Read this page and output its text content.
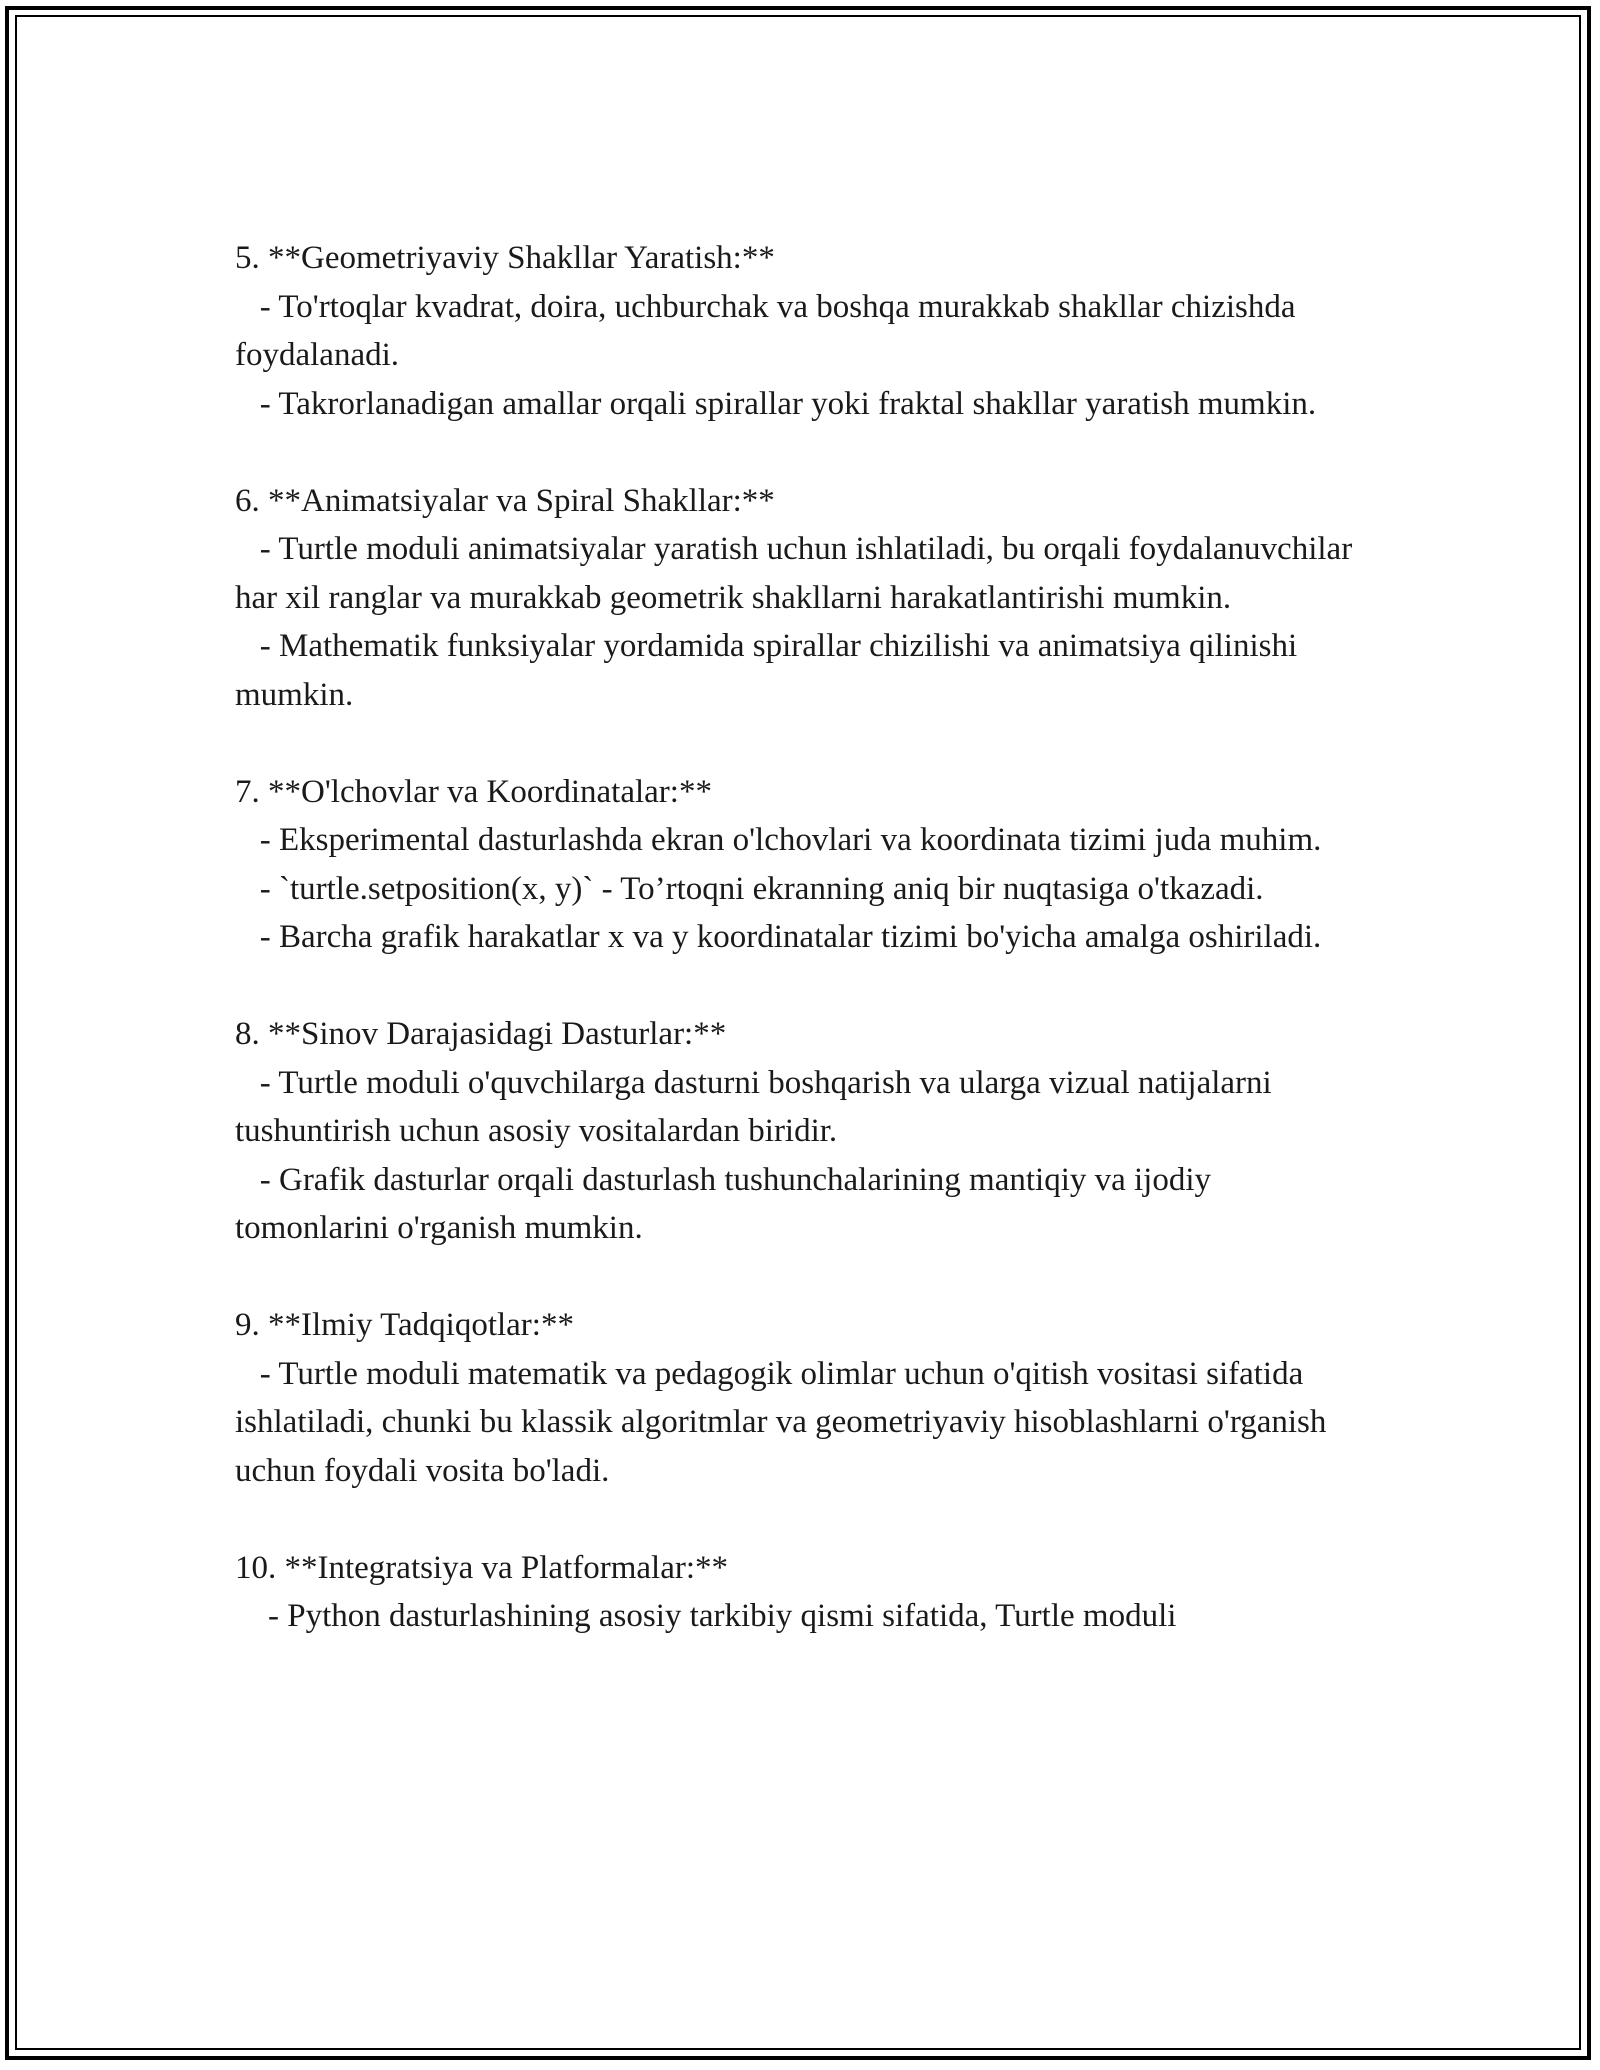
5. **Geometriyaviy Shakllar Yaratish:**

- To'rtoqlar kvadrat, doira, uchburchak va boshqa murakkab shakllar chizishda foydalanadi.

- Takrorlanadigan amallar orqali spirallar yoki fraktal shakllar yaratish mumkin.

6. **Animatsiyalar va Spiral Shakllar:**

- Turtle moduli animatsiyalar yaratish uchun ishlatiladi, bu orqali foydalanuvchilar har xil ranglar va murakkab geometrik shakllarni harakatlantirishi mumkin.

- Mathematik funksiyalar yordamida spirallar chizilishi va animatsiya qilinishi mumkin.

7. **O'lchovlar va Koordinatalar:**

- Eksperimental dasturlashda ekran o'lchovlari va koordinata tizimi juda muhim.

- `turtle.setposition(x, y)` - To’rtoqni ekranning aniq bir nuqtasiga o'tkazadi.

- Barcha grafik harakatlar x va y koordinatalar tizimi bo'yicha amalga oshiriladi.

8. **Sinov Darajasidagi Dasturlar:**

- Turtle moduli o'quvchilarga dasturni boshqarish va ularga vizual natijalarni tushuntirish uchun asosiy vositalardan biridir.

- Grafik dasturlar orqali dasturlash tushunchalarining mantiqiy va ijodiy tomonlarini o'rganish mumkin.

9. **Ilmiy Tadqiqotlar:**

- Turtle moduli matematik va pedagogik olimlar uchun o'qitish vositasi sifatida ishlatiladi, chunki bu klassik algoritmlar va geometriyaviy hisoblashlarni o'rganish uchun foydali vosita bo'ladi.

10. **Integratsiya va Platformalar:**

- Python dasturlashining asosiy tarkibiy qismi sifatida, Turtle moduli
